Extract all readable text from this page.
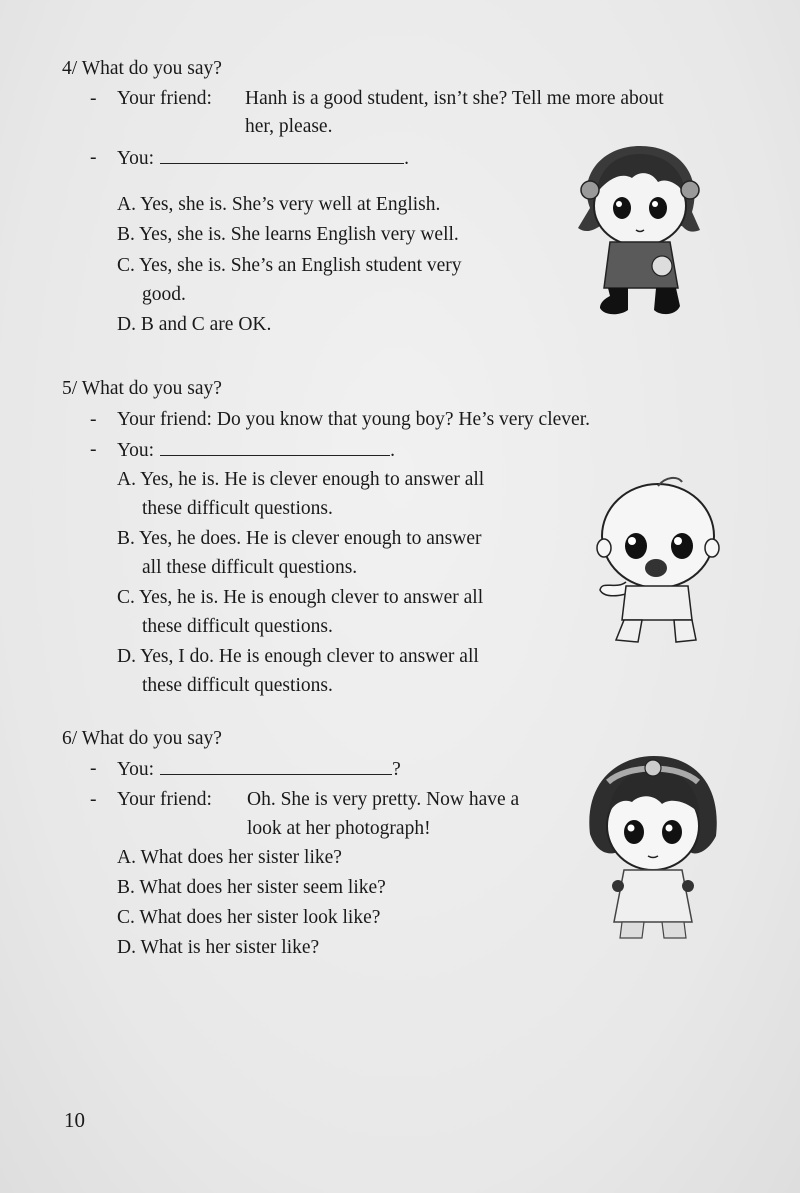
4/ What do you say?
- Your friend: Hanh is a good student, isn’t she? Tell me more about
her, please.
- You:	.
A. Yes, she is. She’s very well at English.
B. Yes, she is. She learns English very well.
C. Yes, she is. She’s an English student very
good.
D. B and C are OK.
5/ What do you say?
- Your friend: Do you know that young boy? He’s very clever.
- You:	.
A. Yes, he is. He is clever enough to answer all
these difficult questions.
B. Yes, he does. He is clever enough to answer
all these difficult questions.
C. Yes, he is. He is enough clever to answer all
these difficult questions.
D. Yes, I do. He is enough clever to answer all
these difficult questions.
6/ What do you say?
- You:	?
- Your friend: Oh. She is very pretty. Now have a
look at her photograph!
A. What does her sister like?
B. What does her sister seem like?
C. What does her sister look like?
D. What is her sister like?
10
